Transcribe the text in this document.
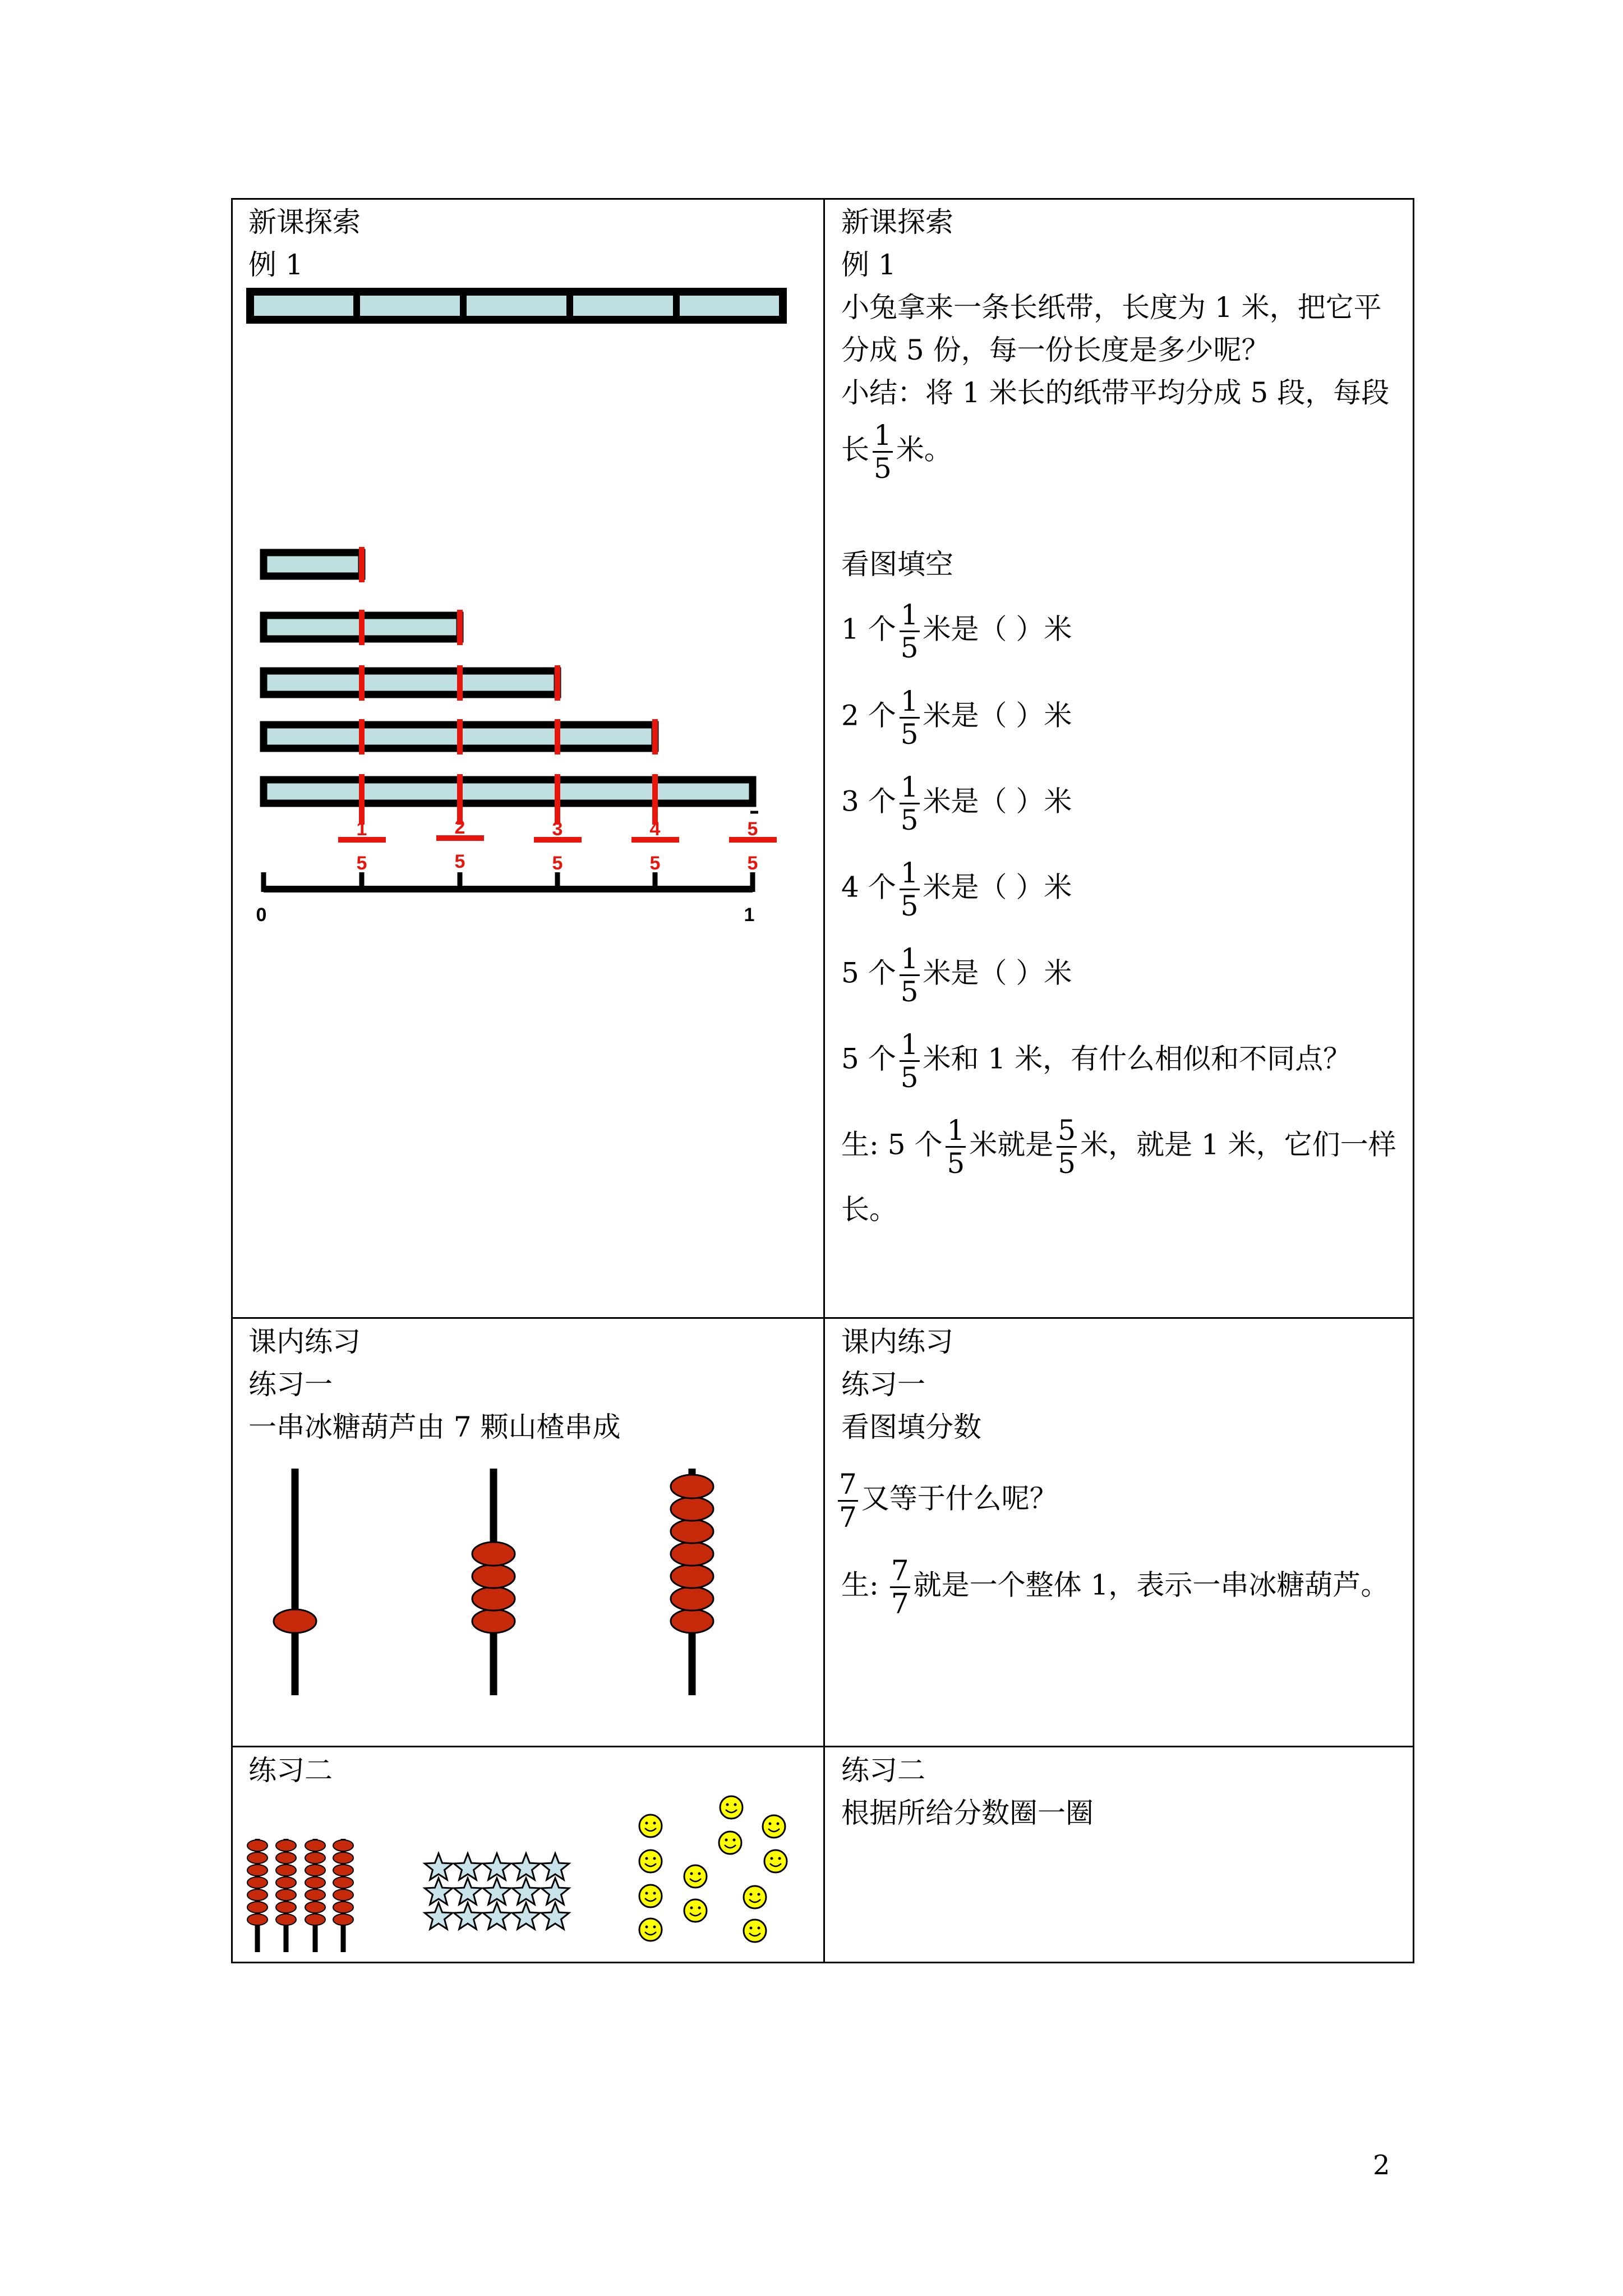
新课探索
例 1
1
5
2
5
3
5
4
5
5
5
0	1
新课探索
例 1
小兔拿来一条长纸带，长度为 1 米，把它平
分成 5 份，每一份长度是多少呢？
小结：将 1 米长的纸带平均分成 5 段，每段
长 $\frac{1}{5}$ 米。
看图填空
1 个 $\frac{1}{5}$ 米是（ ）米
2 个 $\frac{1}{5}$ 米是（ ）米
3 个 $\frac{1}{5}$ 米是（ ）米
4 个 $\frac{1}{5}$ 米是（ ）米
5 个 $\frac{1}{5}$ 米是（ ）米
5 个 $\frac{1}{5}$ 米和 1 米，有什么相似和不同点？
生: 5 个 $\frac{1}{5}$ 米就是 $\frac{5}{5}$ 米，就是 1 米，它们一样
长。
课内练习
练习一
一串冰糖葫芦由 7 颗山楂串成
课内练习
练习一
看图填分数
$\frac{7}{7}$ 又等于什么呢？
生: $\frac{7}{7}$ 就是一个整体 1，表示一串冰糖葫芦。
练习二	练习二
根据所给分数圈一圈
2
